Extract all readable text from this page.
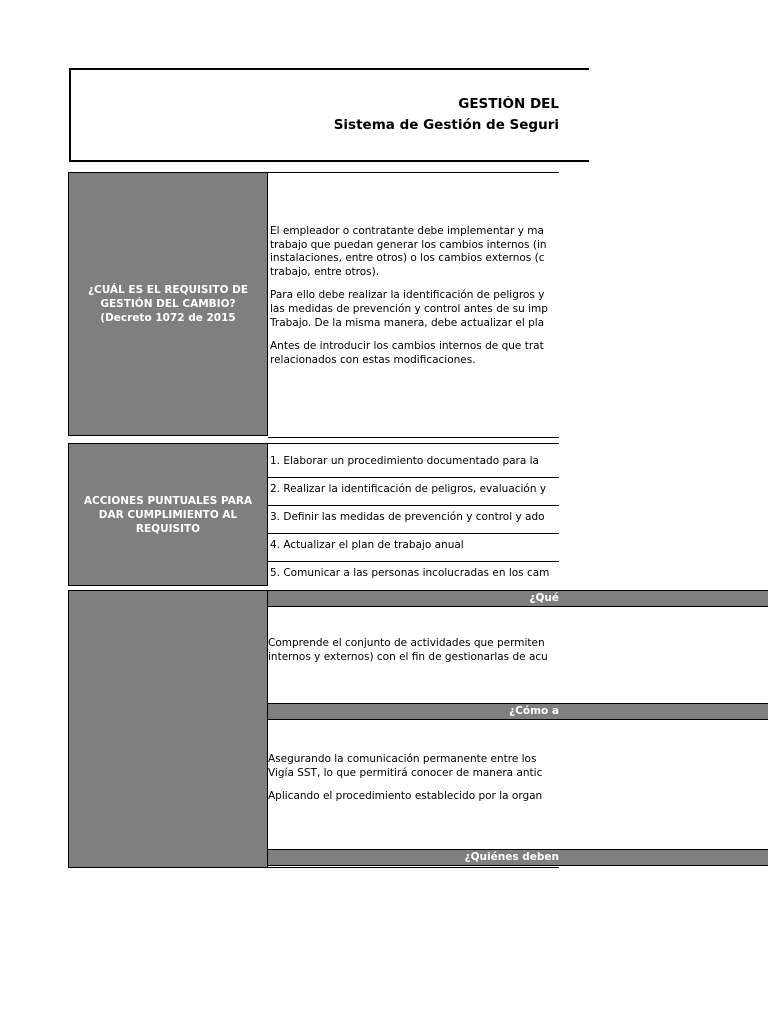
GESTIÓN DEL
Sistema de Gestión de Seguri
¿CUÁL ES EL REQUISITO DE GESTIÓN DEL CAMBIO? (Decreto 1072 de 2015

El empleador o contratante debe implementar y ma
trabajo que puedan generar los cambios internos (in
instalaciones, entre otros) o los cambios externos (c
trabajo, entre otros).

Para ello debe realizar la identificación de peligros y
las medidas de prevención y control antes de su imp
Trabajo. De la misma manera, debe actualizar el pla

Antes de introducir los cambios internos de que trat
relacionados con estas modificaciones.

ACCIONES PUNTUALES PARA DAR CUMPLIMIENTO AL REQUISITO
1. Elaborar un procedimiento documentado para la
2. Realizar la identificación de peligros, evaluación y
3. Definir las medidas de prevención y control y ado
4. Actualizar el plan de trabajo anual
5. Comunicar a las personas incolucradas en los cam
¿Qué
Comprende el conjunto de actividades que permiten
internos y externos) con el fin de gestionarlas de acu
¿Cómo a

Asegurando la comunicación permanente entre los
Vigía SST, lo que permitirá conocer de manera antic

Aplicando el procedimiento establecido por la organ

¿Quiénes deben
